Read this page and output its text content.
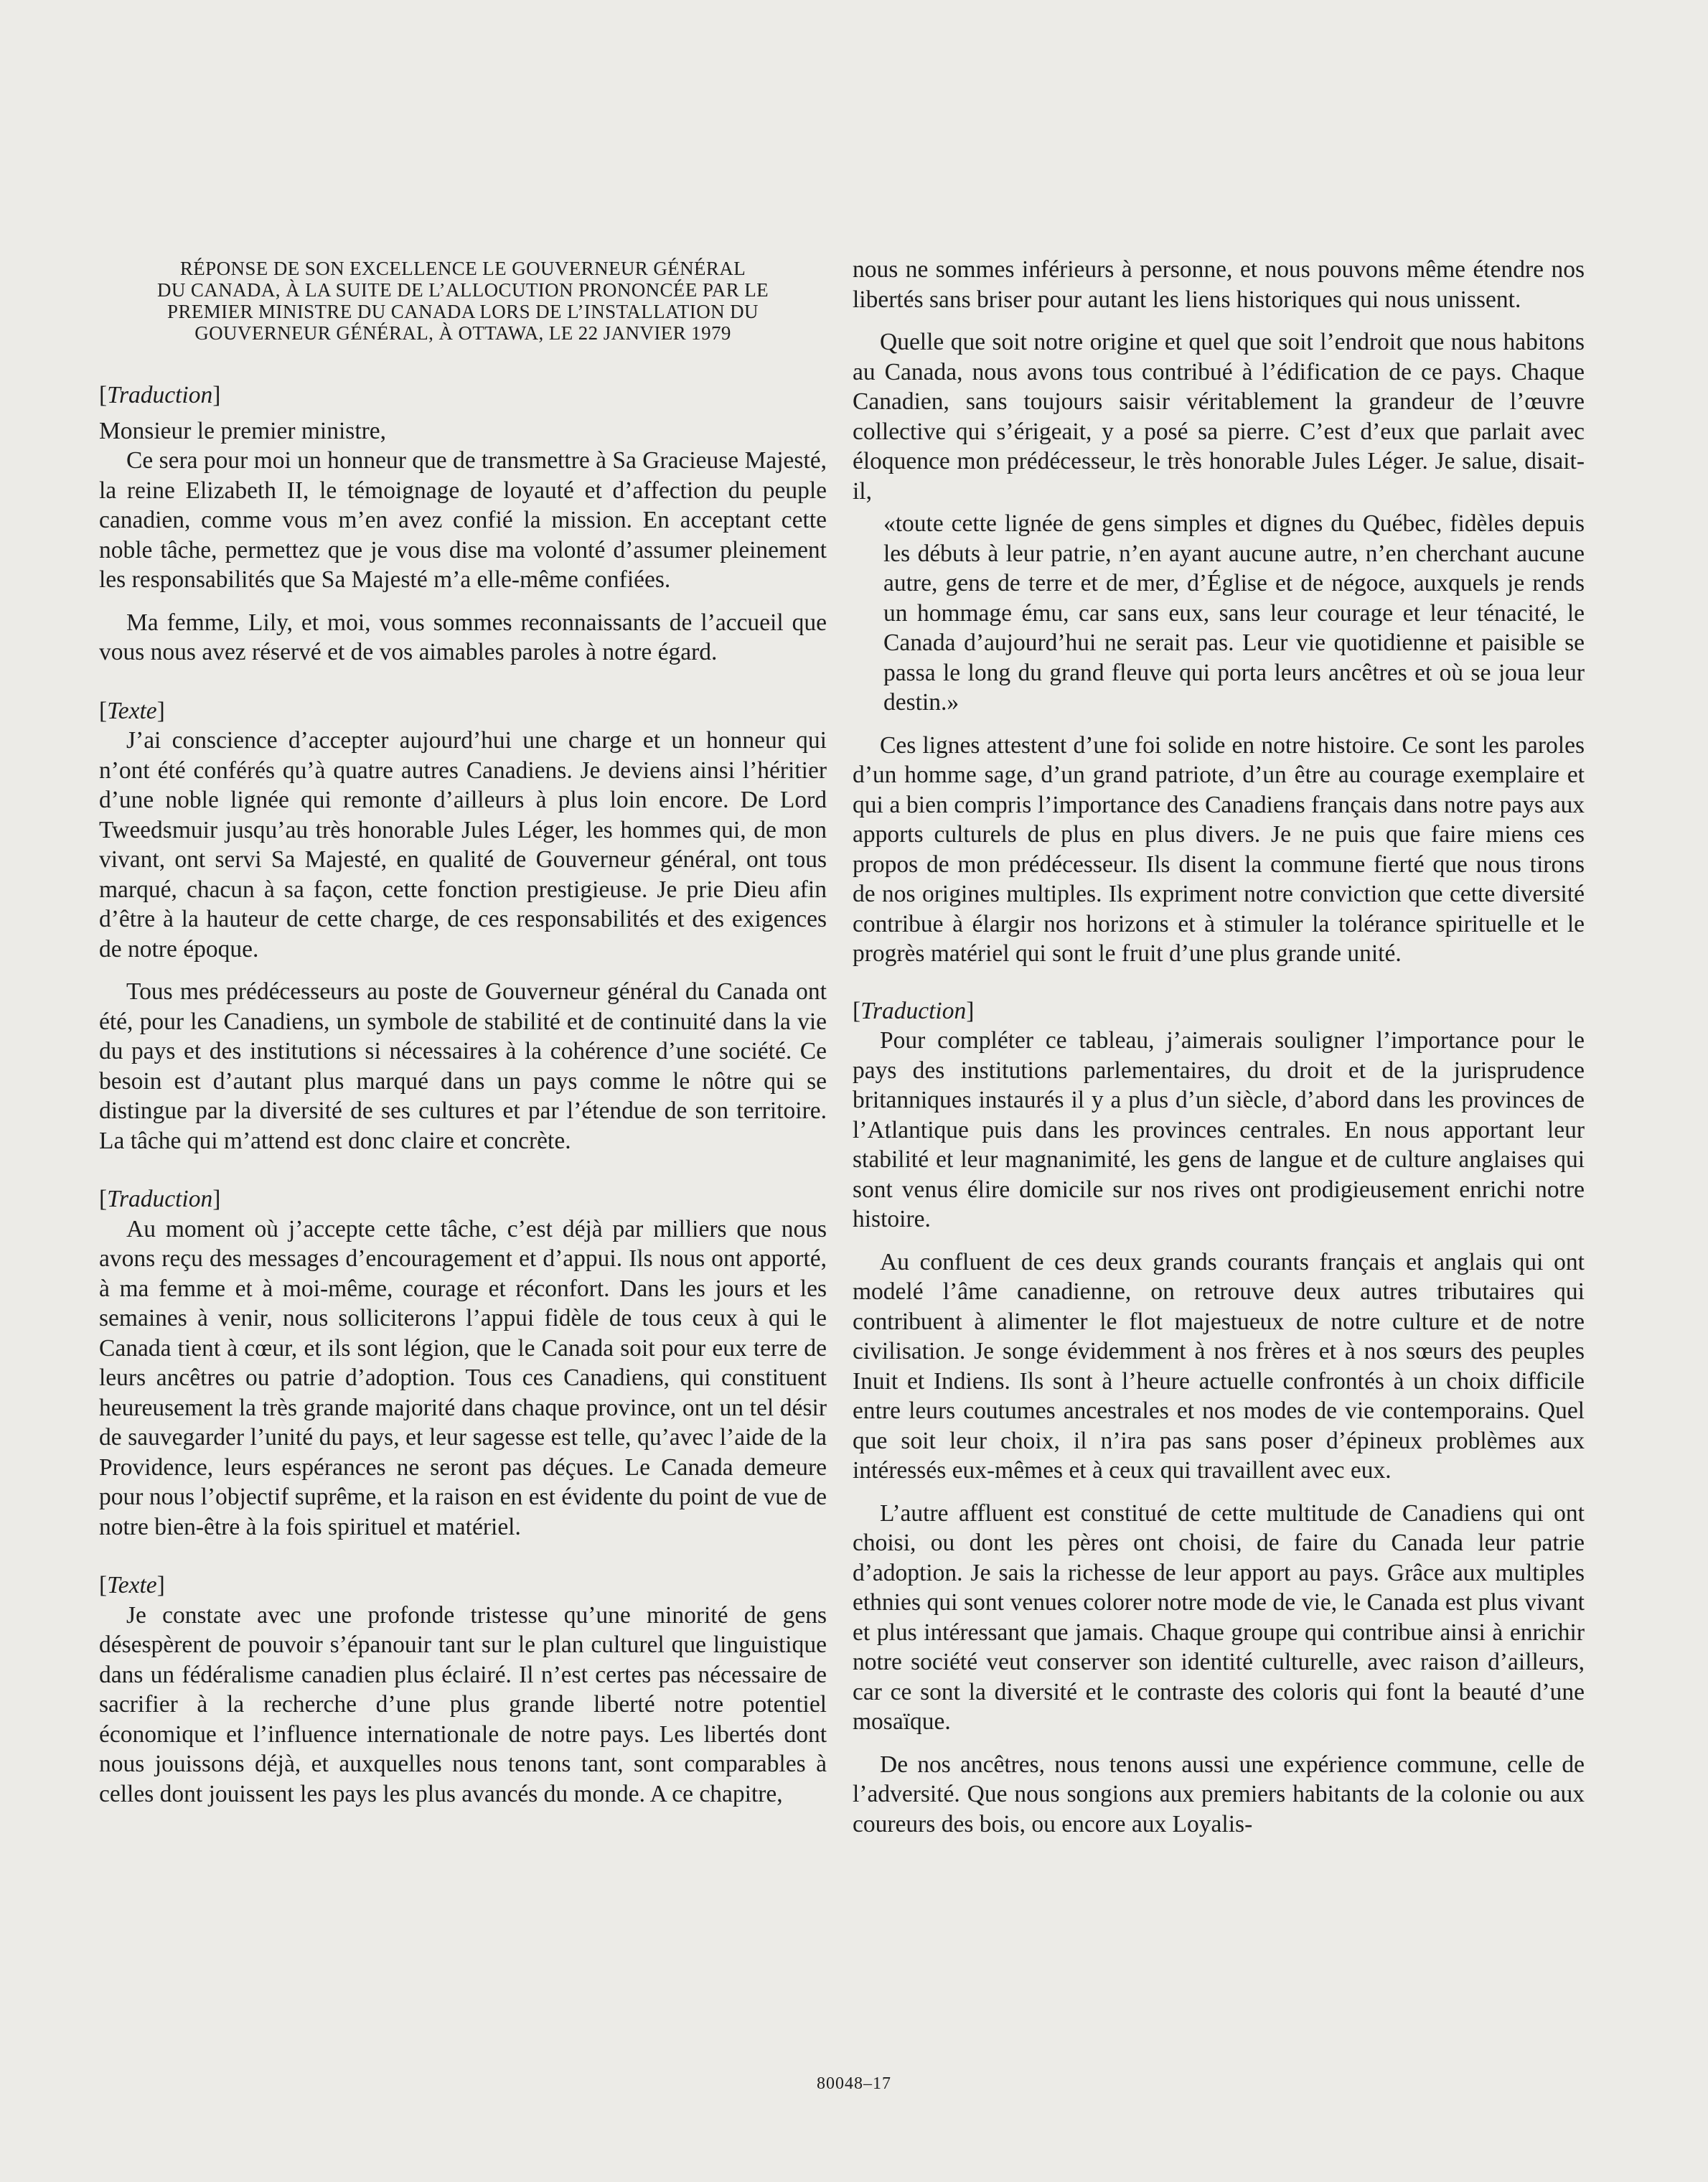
RÉPONSE DE SON EXCELLENCE LE GOUVERNEUR GÉNÉRAL
DU CANADA, À LA SUITE DE L’ALLOCUTION PRONONCÉE PAR LE
PREMIER MINISTRE DU CANADA LORS DE L’INSTALLATION DU
GOUVERNEUR GÉNÉRAL, À OTTAWA, LE 22 JANVIER 1979
[Traduction]

Monsieur le premier ministre,

Ce sera pour moi un honneur que de transmettre à Sa Gracieuse Majesté, la reine Elizabeth II, le témoignage de loyauté et d’affection du peuple canadien, comme vous m’en avez confié la mission. En acceptant cette noble tâche, permettez que je vous dise ma volonté d’assumer pleinement les responsabilités que Sa Majesté m’a elle-même confiées.

Ma femme, Lily, et moi, vous sommes reconnaissants de l’accueil que vous nous avez réservé et de vos aimables paroles à notre égard.

[Texte]

J’ai conscience d’accepter aujourd’hui une charge et un honneur qui n’ont été conférés qu’à quatre autres Canadiens. Je deviens ainsi l’héritier d’une noble lignée qui remonte d’ailleurs à plus loin encore. De Lord Tweedsmuir jusqu’au très honorable Jules Léger, les hommes qui, de mon vivant, ont servi Sa Majesté, en qualité de Gouverneur général, ont tous marqué, chacun à sa façon, cette fonction prestigieuse. Je prie Dieu afin d’être à la hauteur de cette charge, de ces responsabilités et des exigences de notre époque.

Tous mes prédécesseurs au poste de Gouverneur général du Canada ont été, pour les Canadiens, un symbole de stabilité et de continuité dans la vie du pays et des institutions si nécessaires à la cohérence d’une société. Ce besoin est d’autant plus marqué dans un pays comme le nôtre qui se distingue par la diversité de ses cultures et par l’étendue de son territoire. La tâche qui m’attend est donc claire et concrète.

[Traduction]

Au moment où j’accepte cette tâche, c’est déjà par milliers que nous avons reçu des messages d’encouragement et d’appui. Ils nous ont apporté, à ma femme et à moi-même, courage et réconfort. Dans les jours et les semaines à venir, nous solliciterons l’appui fidèle de tous ceux à qui le Canada tient à cœur, et ils sont légion, que le Canada soit pour eux terre de leurs ancêtres ou patrie d’adoption. Tous ces Canadiens, qui constituent heureusement la très grande majorité dans chaque province, ont un tel désir de sauvegarder l’unité du pays, et leur sagesse est telle, qu’avec l’aide de la Providence, leurs espérances ne seront pas déçues. Le Canada demeure pour nous l’objectif suprême, et la raison en est évidente du point de vue de notre bien-être à la fois spirituel et matériel.

[Texte]

Je constate avec une profonde tristesse qu’une minorité de gens désespèrent de pouvoir s’épanouir tant sur le plan culturel que linguistique dans un fédéralisme canadien plus éclairé. Il n’est certes pas nécessaire de sacrifier à la recherche d’une plus grande liberté notre potentiel économique et l’influence internationale de notre pays. Les libertés dont nous jouissons déjà, et auxquelles nous tenons tant, sont comparables à celles dont jouissent les pays les plus avancés du monde. A ce chapitre,

nous ne sommes inférieurs à personne, et nous pouvons même étendre nos libertés sans briser pour autant les liens historiques qui nous unissent.

Quelle que soit notre origine et quel que soit l’endroit que nous habitons au Canada, nous avons tous contribué à l’édification de ce pays. Chaque Canadien, sans toujours saisir véritablement la grandeur de l’œuvre collective qui s’érigeait, y a posé sa pierre. C’est d’eux que parlait avec éloquence mon prédécesseur, le très honorable Jules Léger. Je salue, disait-il,

«toute cette lignée de gens simples et dignes du Québec, fidèles depuis les débuts à leur patrie, n’en ayant aucune autre, n’en cherchant aucune autre, gens de terre et de mer, d’Église et de négoce, auxquels je rends un hommage ému, car sans eux, sans leur courage et leur ténacité, le Canada d’aujourd’hui ne serait pas. Leur vie quotidienne et paisible se passa le long du grand fleuve qui porta leurs ancêtres et où se joua leur destin.»

Ces lignes attestent d’une foi solide en notre histoire. Ce sont les paroles d’un homme sage, d’un grand patriote, d’un être au courage exemplaire et qui a bien compris l’importance des Canadiens français dans notre pays aux apports culturels de plus en plus divers. Je ne puis que faire miens ces propos de mon prédécesseur. Ils disent la commune fierté que nous tirons de nos origines multiples. Ils expriment notre conviction que cette diversité contribue à élargir nos horizons et à stimuler la tolérance spirituelle et le progrès matériel qui sont le fruit d’une plus grande unité.

[Traduction]

Pour compléter ce tableau, j’aimerais souligner l’importance pour le pays des institutions parlementaires, du droit et de la jurisprudence britanniques instaurés il y a plus d’un siècle, d’abord dans les provinces de l’Atlantique puis dans les provinces centrales. En nous apportant leur stabilité et leur magnanimité, les gens de langue et de culture anglaises qui sont venus élire domicile sur nos rives ont prodigieusement enrichi notre histoire.

Au confluent de ces deux grands courants français et anglais qui ont modelé l’âme canadienne, on retrouve deux autres tributaires qui contribuent à alimenter le flot majestueux de notre culture et de notre civilisation. Je songe évidemment à nos frères et à nos sœurs des peuples Inuit et Indiens. Ils sont à l’heure actuelle confrontés à un choix difficile entre leurs coutumes ancestrales et nos modes de vie contemporains. Quel que soit leur choix, il n’ira pas sans poser d’épineux problèmes aux intéressés eux-mêmes et à ceux qui travaillent avec eux.

L’autre affluent est constitué de cette multitude de Canadiens qui ont choisi, ou dont les pères ont choisi, de faire du Canada leur patrie d’adoption. Je sais la richesse de leur apport au pays. Grâce aux multiples ethnies qui sont venues colorer notre mode de vie, le Canada est plus vivant et plus intéressant que jamais. Chaque groupe qui contribue ainsi à enrichir notre société veut conserver son identité culturelle, avec raison d’ailleurs, car ce sont la diversité et le contraste des coloris qui font la beauté d’une mosaïque.

De nos ancêtres, nous tenons aussi une expérience commune, celle de l’adversité. Que nous songions aux premiers habitants de la colonie ou aux coureurs des bois, ou encore aux Loyalis-

80048–17
